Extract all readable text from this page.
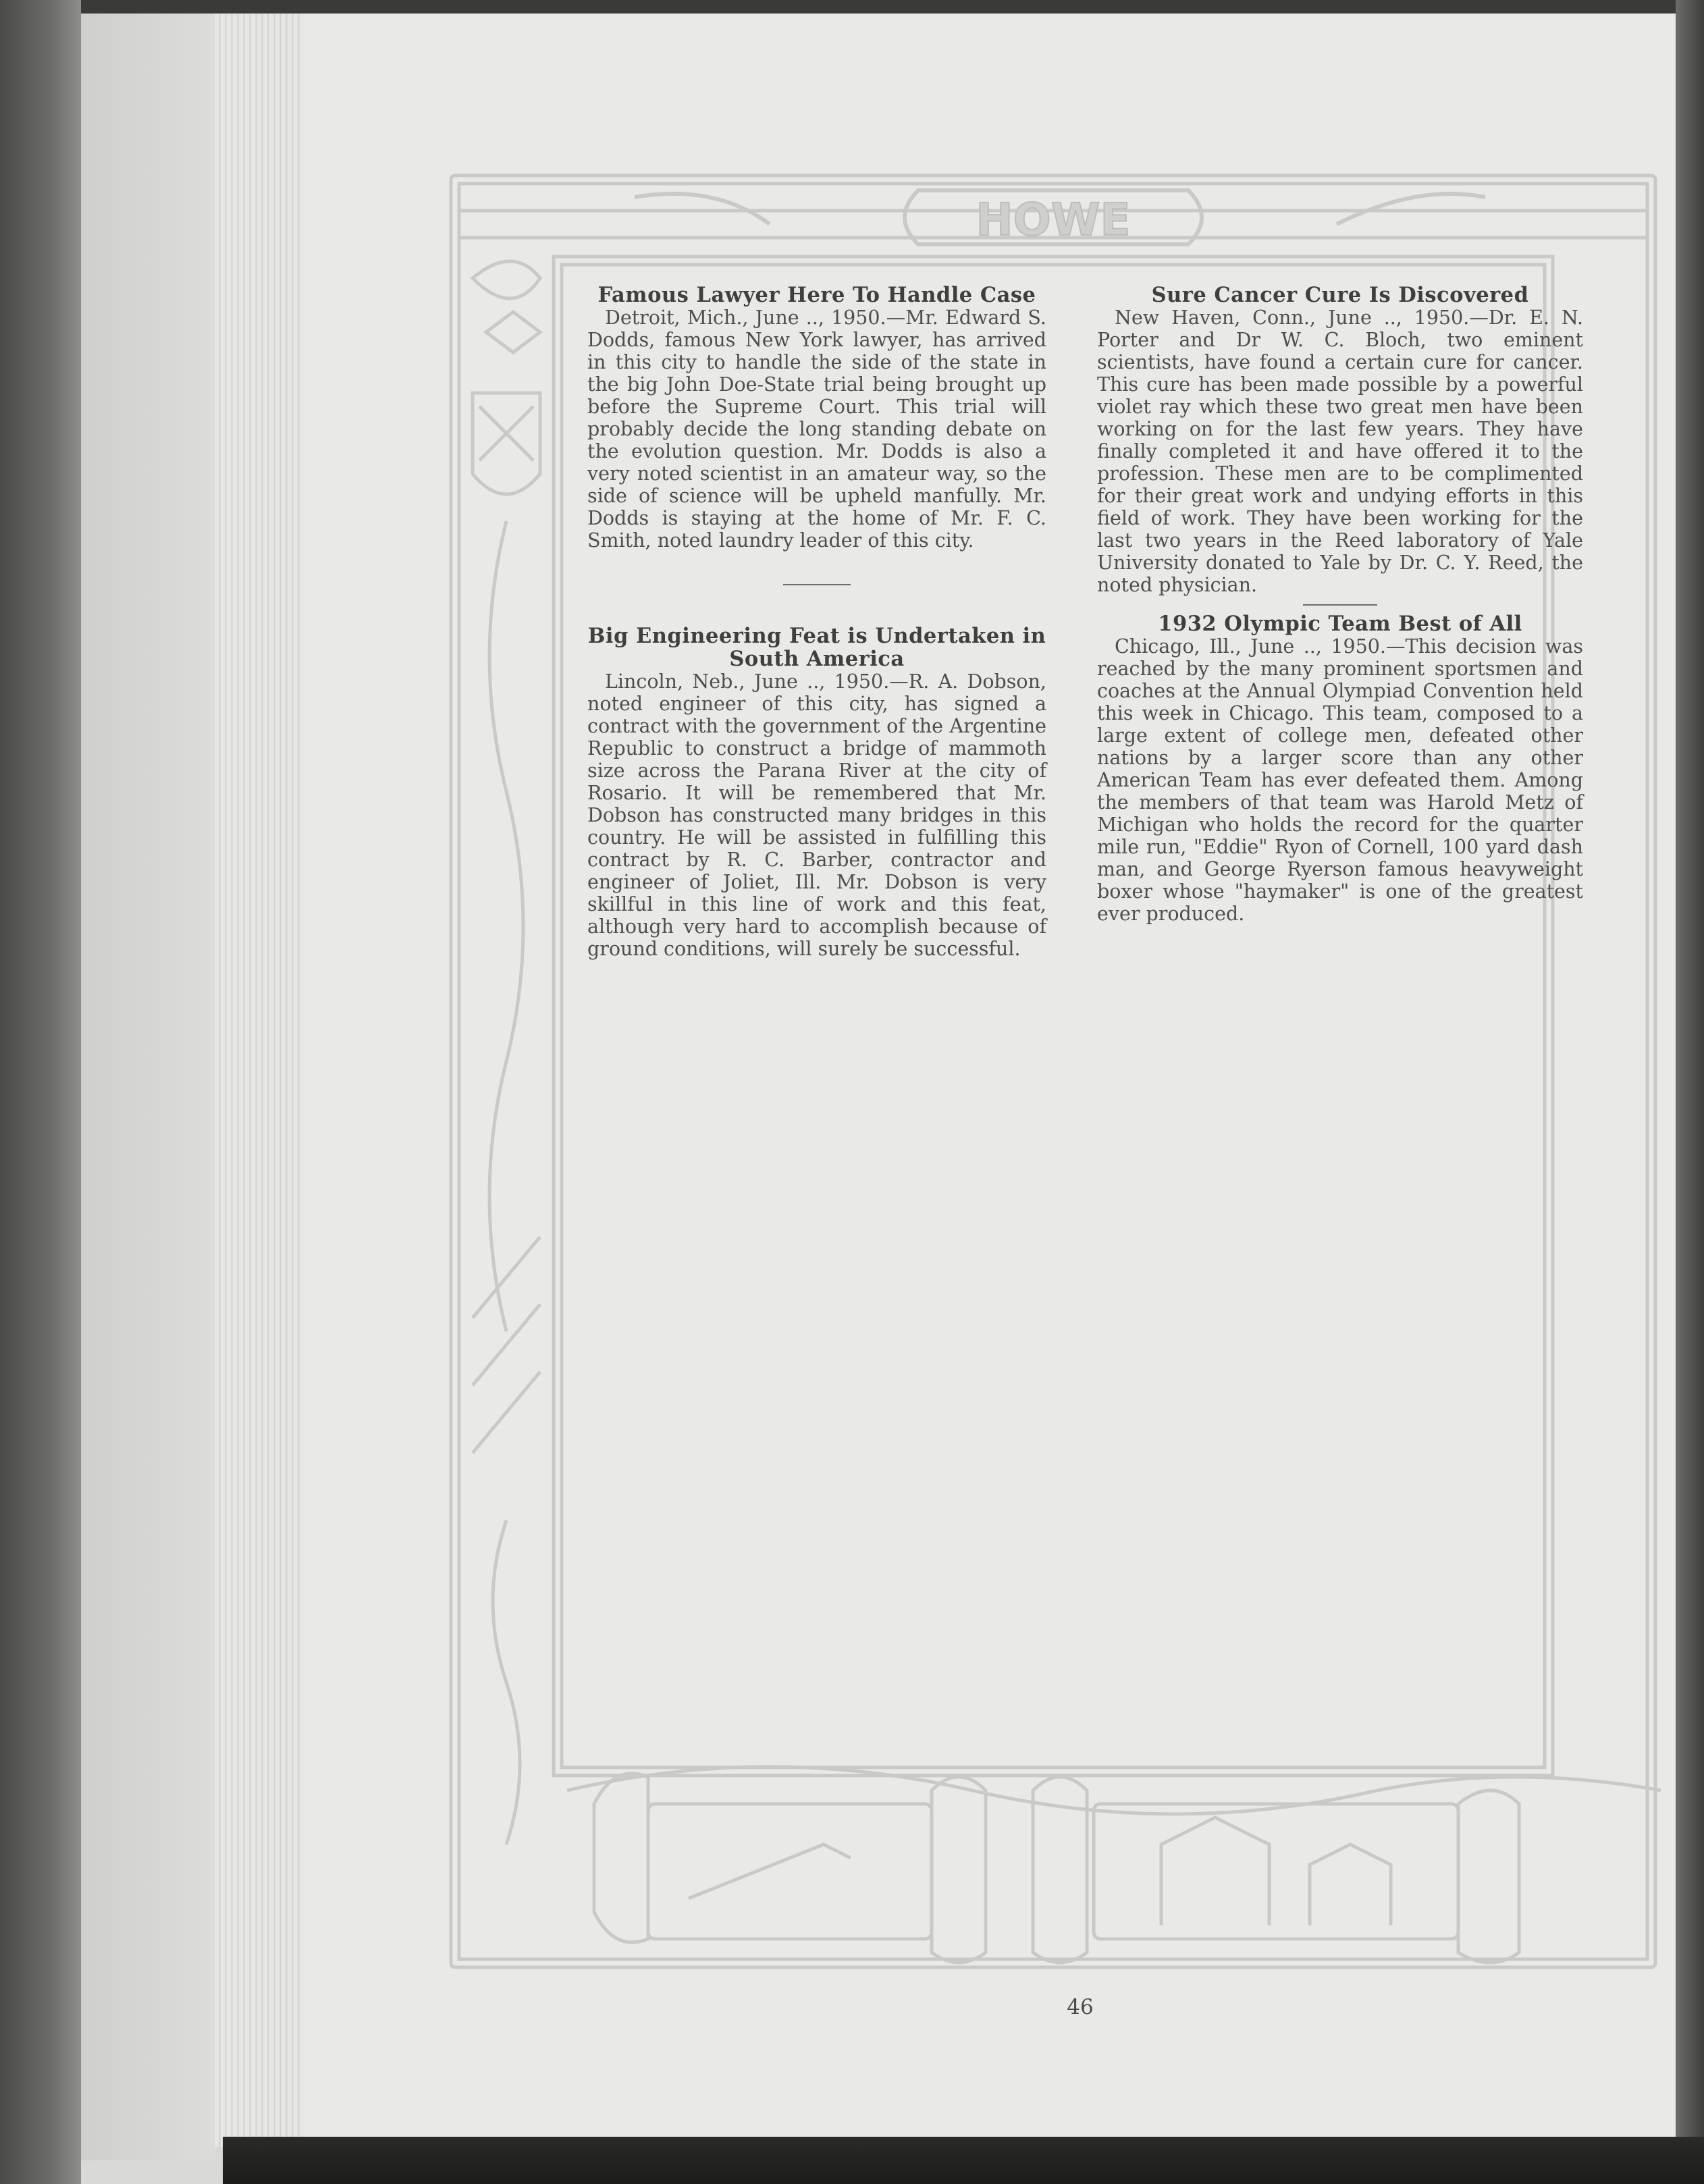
HOWE
Famous Lawyer Here To Handle Case

Detroit, Mich., June .., 1950.—Mr. Edward S. Dodds, famous New York lawyer, has arrived in this city to handle the side of the state in the big John Doe-State trial being brought up before the Supreme Court. This trial will probably decide the long standing debate on the evolution question. Mr. Dodds is also a very noted scientist in an amateur way, so the side of science will be upheld manfully. Mr. Dodds is staying at the home of Mr. F. C. Smith, noted laundry leader of this city.

Big Engineering Feat is Undertaken in South America

Lincoln, Neb., June .., 1950.—R. A. Dobson, noted engineer of this city, has signed a contract with the government of the Argentine Republic to construct a bridge of mammoth size across the Parana River at the city of Rosario. It will be remembered that Mr. Dobson has constructed many bridges in this country. He will be assisted in fulfilling this contract by R. C. Barber, contractor and engineer of Joliet, Ill. Mr. Dobson is very skillful in this line of work and this feat, although very hard to accomplish because of ground conditions, will surely be successful.

Sure Cancer Cure Is Discovered

New Haven, Conn., June .., 1950.—Dr. E. N. Porter and Dr W. C. Bloch, two eminent scientists, have found a certain cure for cancer. This cure has been made possible by a powerful violet ray which these two great men have been working on for the last few years. They have finally completed it and have offered it to the profession. These men are to be complimented for their great work and undying efforts in this field of work. They have been working for the last two years in the Reed laboratory of Yale University donated to Yale by Dr. C. Y. Reed, the noted physician.

1932 Olympic Team Best of All

Chicago, Ill., June .., 1950.—This decision was reached by the many prominent sportsmen and coaches at the Annual Olympiad Convention held this week in Chicago. This team, composed to a large extent of college men, defeated other nations by a larger score than any other American Team has ever defeated them. Among the members of that team was Harold Metz of Michigan who holds the record for the quarter mile run, "Eddie" Ryon of Cornell, 100 yard dash man, and George Ryerson famous heavyweight boxer whose "haymaker" is one of the greatest ever produced.

46
